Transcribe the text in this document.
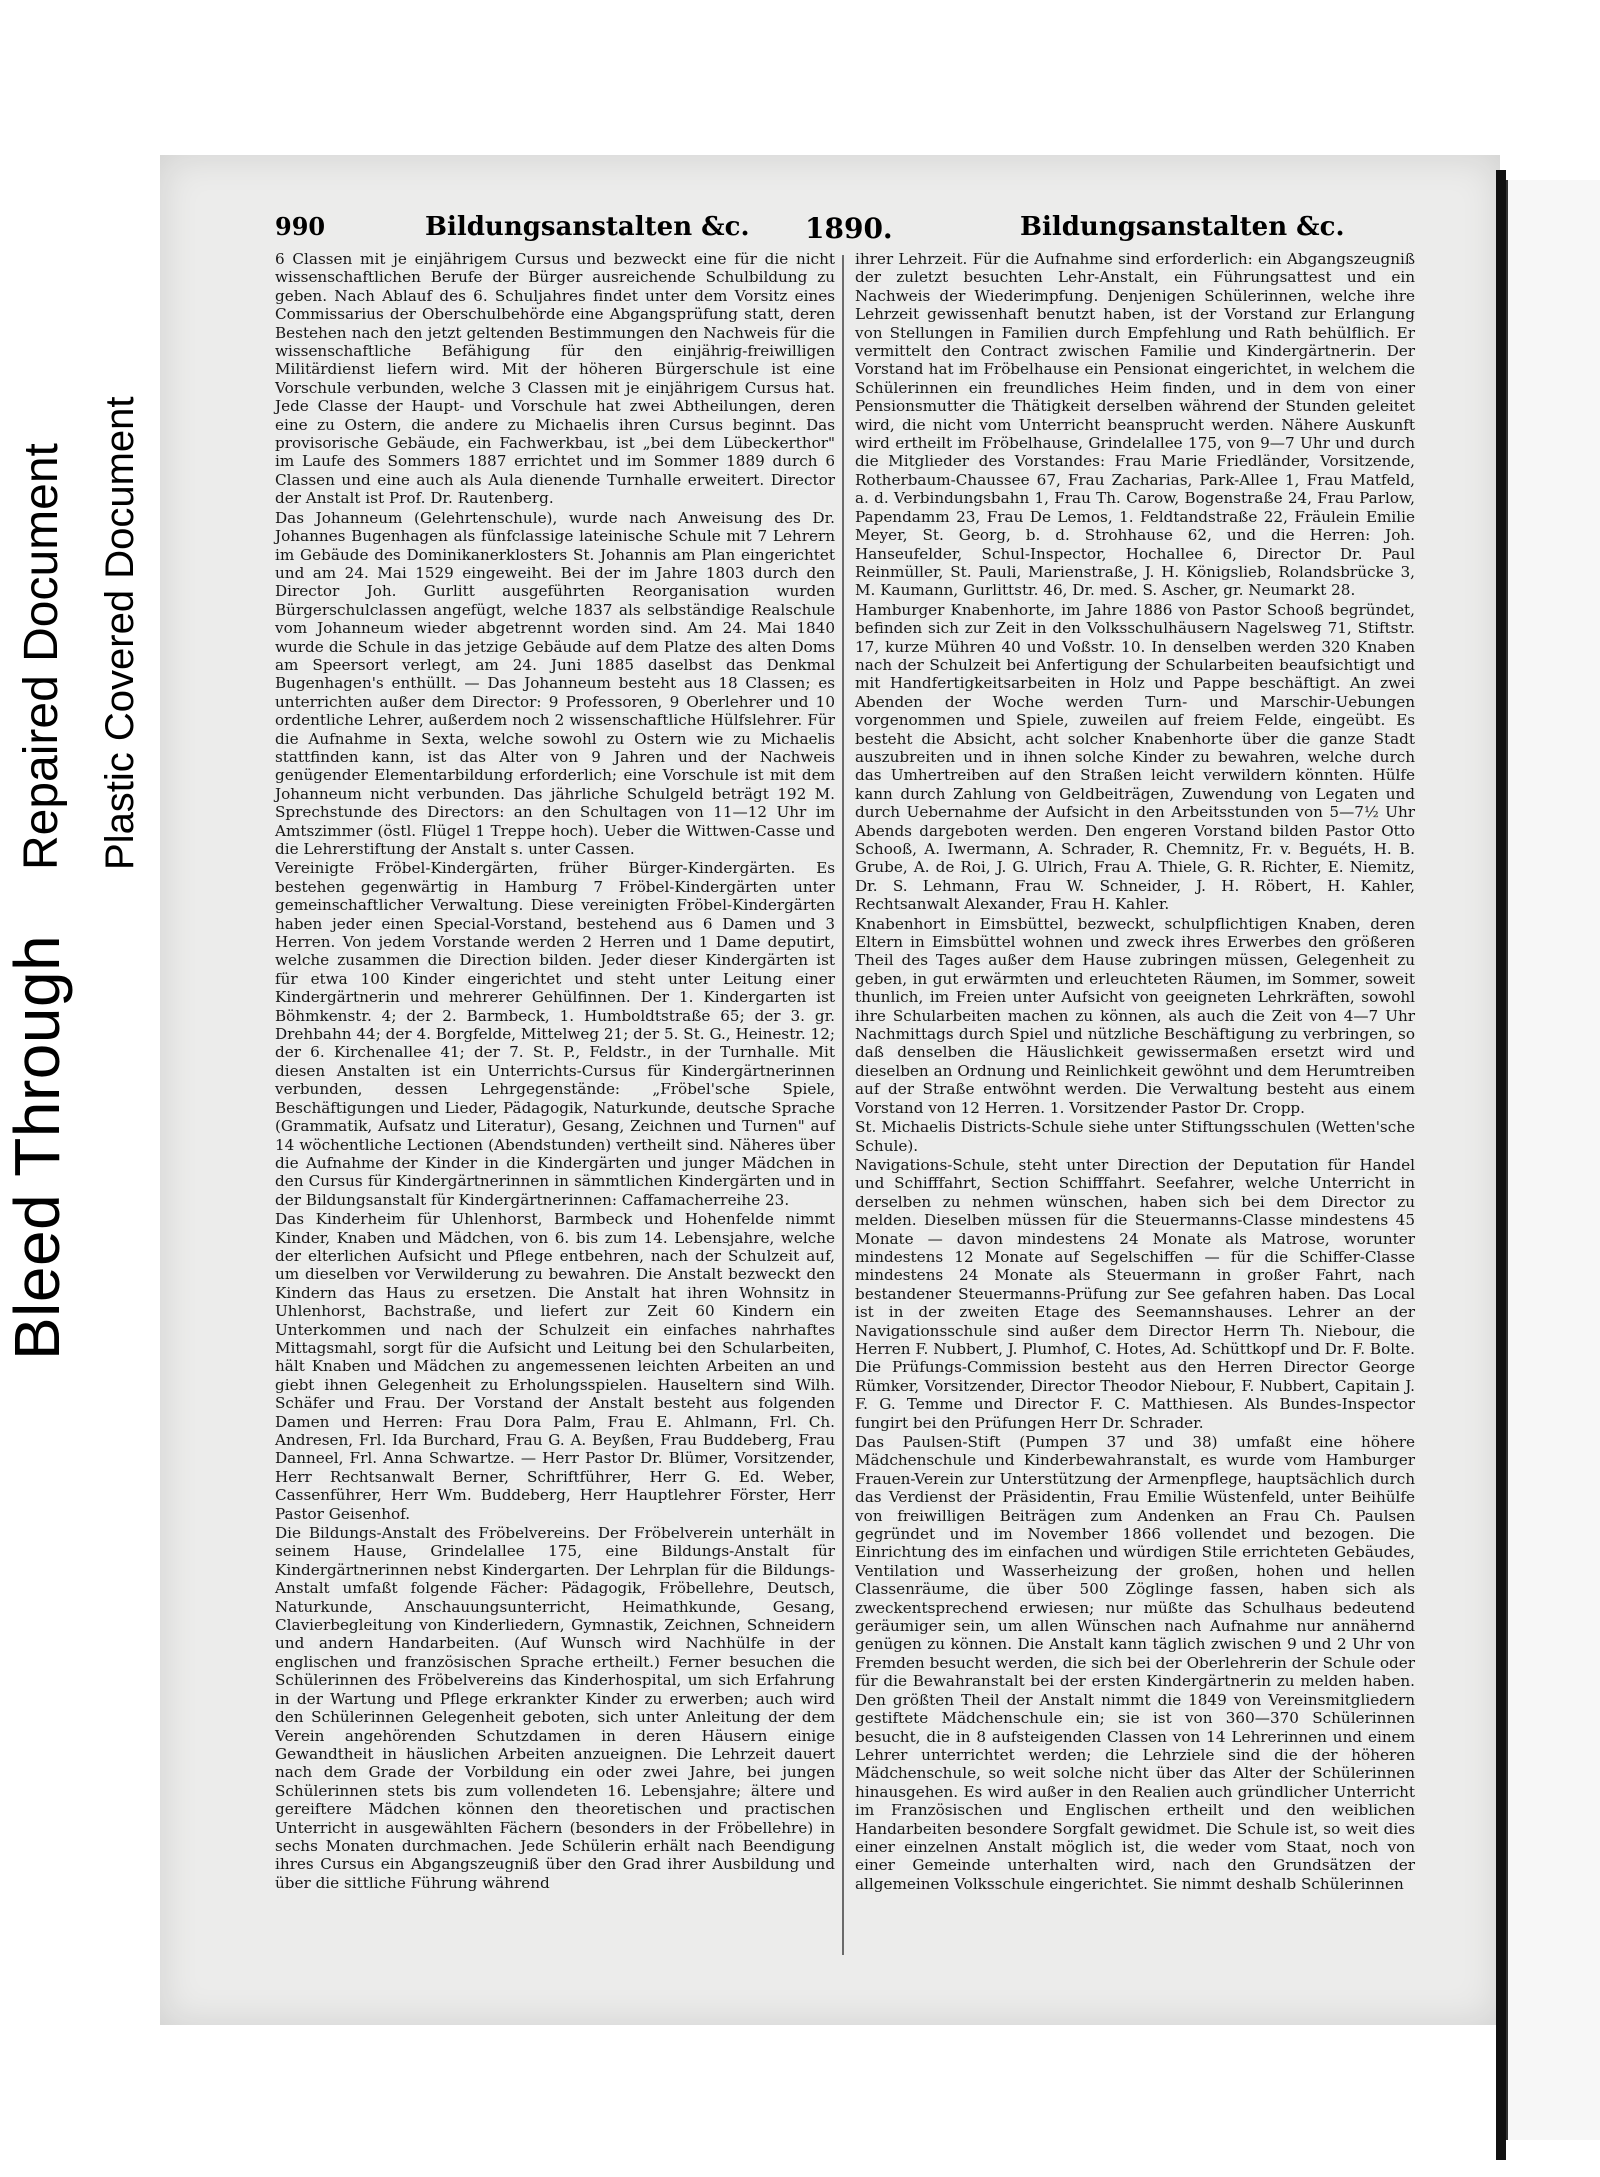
Bleed Through
Repaired Document Plastic Covered Document
990	Bildungsanstalten &c. 1890.	Bildungsanstalten &c.

6 Classen mit je einjährigem Cursus und bezweckt eine für die nicht wissenschaftlichen Berufe der Bürger ausreichende Schulbildung zu geben. Nach Ablauf des 6. Schuljahres findet unter dem Vorsitz eines Commissarius der Oberschulbehörde eine Abgangsprüfung statt, deren Bestehen nach den jetzt geltenden Bestimmungen den Nachweis für die wissenschaftliche Befähigung für den einjährig-freiwilligen Militärdienst liefern wird. Mit der höheren Bürgerschule ist eine Vorschule verbunden, welche 3 Classen mit je einjährigem Cursus hat. Jede Classe der Haupt- und Vorschule hat zwei Abtheilungen, deren eine zu Ostern, die andere zu Michaelis ihren Cursus beginnt. Das provisorische Gebäude, ein Fachwerkbau, ist „bei dem Lübeckerthor" im Laufe des Sommers 1887 errichtet und im Sommer 1889 durch 6 Classen und eine auch als Aula dienende Turnhalle erweitert. Director der Anstalt ist Prof. Dr. Rautenberg.

Das Johanneum (Gelehrtenschule), wurde nach Anweisung des Dr. Johannes Bugenhagen als fünfclassige lateinische Schule mit 7 Lehrern im Gebäude des Dominikanerklosters St. Johannis am Plan eingerichtet und am 24. Mai 1529 eingeweiht. Bei der im Jahre 1803 durch den Director Joh. Gurlitt ausgeführten Reorganisation wurden Bürgerschulclassen angefügt, welche 1837 als selbständige Realschule vom Johanneum wieder abgetrennt worden sind. Am 24. Mai 1840 wurde die Schule in das jetzige Gebäude auf dem Platze des alten Doms am Speersort verlegt, am 24. Juni 1885 daselbst das Denkmal Bugenhagen's enthüllt. — Das Johanneum besteht aus 18 Classen; es unterrichten außer dem Director: 9 Professoren, 9 Oberlehrer und 10 ordentliche Lehrer, außerdem noch 2 wissenschaftliche Hülfslehrer. Für die Aufnahme in Sexta, welche sowohl zu Ostern wie zu Michaelis stattfinden kann, ist das Alter von 9 Jahren und der Nachweis genügender Elementarbildung erforderlich; eine Vorschule ist mit dem Johanneum nicht verbunden. Das jährliche Schulgeld beträgt 192 M. Sprechstunde des Directors: an den Schultagen von 11—12 Uhr im Amtszimmer (östl. Flügel 1 Treppe hoch). Ueber die Wittwen-Casse und die Lehrerstiftung der Anstalt s. unter Cassen.

Vereinigte Fröbel-Kindergärten, früher Bürger-Kindergärten. Es bestehen gegenwärtig in Hamburg 7 Fröbel-Kindergärten unter gemeinschaftlicher Verwaltung. Diese vereinigten Fröbel-Kindergärten haben jeder einen Special-Vorstand, bestehend aus 6 Damen und 3 Herren. Von jedem Vorstande werden 2 Herren und 1 Dame deputirt, welche zusammen die Direction bilden. Jeder dieser Kindergärten ist für etwa 100 Kinder eingerichtet und steht unter Leitung einer Kindergärtnerin und mehrerer Gehülfinnen. Der 1. Kindergarten ist Böhmkenstr. 4; der 2. Barmbeck, 1. Humboldtstraße 65; der 3. gr. Drehbahn 44; der 4. Borgfelde, Mittelweg 21; der 5. St. G., Heinestr. 12; der 6. Kirchenallee 41; der 7. St. P., Feldstr., in der Turnhalle. Mit diesen Anstalten ist ein Unterrichts-Cursus für Kindergärtnerinnen verbunden, dessen Lehrgegenstände: „Fröbel'sche Spiele, Beschäftigungen und Lieder, Pädagogik, Naturkunde, deutsche Sprache (Grammatik, Aufsatz und Literatur), Gesang, Zeichnen und Turnen" auf 14 wöchentliche Lectionen (Abendstunden) vertheilt sind. Näheres über die Aufnahme der Kinder in die Kindergärten und junger Mädchen in den Cursus für Kindergärtnerinnen in sämmtlichen Kindergärten und in der Bildungsanstalt für Kindergärtnerinnen: Caffamacherreihe 23.

Das Kinderheim für Uhlenhorst, Barmbeck und Hohenfelde nimmt Kinder, Knaben und Mädchen, von 6. bis zum 14. Lebensjahre, welche der elterlichen Aufsicht und Pflege entbehren, nach der Schulzeit auf, um dieselben vor Verwilderung zu bewahren. Die Anstalt bezweckt den Kindern das Haus zu ersetzen. Die Anstalt hat ihren Wohnsitz in Uhlenhorst, Bachstraße, und liefert zur Zeit 60 Kindern ein Unterkommen und nach der Schulzeit ein einfaches nahrhaftes Mittagsmahl, sorgt für die Aufsicht und Leitung bei den Schularbeiten, hält Knaben und Mädchen zu angemessenen leichten Arbeiten an und giebt ihnen Gelegenheit zu Erholungsspielen. Hauseltern sind Wilh. Schäfer und Frau. Der Vorstand der Anstalt besteht aus folgenden Damen und Herren: Frau Dora Palm, Frau E. Ahlmann, Frl. Ch. Andresen, Frl. Ida Burchard, Frau G. A. Beyßen, Frau Buddeberg, Frau Danneel, Frl. Anna Schwartze. — Herr Pastor Dr. Blümer, Vorsitzender, Herr Rechtsanwalt Berner, Schriftführer, Herr G. Ed. Weber, Cassenführer, Herr Wm. Buddeberg, Herr Hauptlehrer Förster, Herr Pastor Geisenhof.

Die Bildungs-Anstalt des Fröbelvereins. Der Fröbelverein unterhält in seinem Hause, Grindelallee 175, eine Bildungs-Anstalt für Kindergärtnerinnen nebst Kindergarten. Der Lehrplan für die Bildungs-Anstalt umfaßt folgende Fächer: Pädagogik, Fröbellehre, Deutsch, Naturkunde, Anschauungsunterricht, Heimathkunde, Gesang, Clavierbegleitung von Kinderliedern, Gymnastik, Zeichnen, Schneidern und andern Handarbeiten. (Auf Wunsch wird Nachhülfe in der englischen und französischen Sprache ertheilt.) Ferner besuchen die Schülerinnen des Fröbelvereins das Kinderhospital, um sich Erfahrung in der Wartung und Pflege erkrankter Kinder zu erwerben; auch wird den Schülerinnen Gelegenheit geboten, sich unter Anleitung der dem Verein angehörenden Schutzdamen in deren Häusern einige Gewandtheit in häuslichen Arbeiten anzueignen. Die Lehrzeit dauert nach dem Grade der Vorbildung ein oder zwei Jahre, bei jungen Schülerinnen stets bis zum vollendeten 16. Lebensjahre; ältere und gereiftere Mädchen können den theoretischen und practischen Unterricht in ausgewählten Fächern (besonders in der Fröbellehre) in sechs Monaten durchmachen. Jede Schülerin erhält nach Beendigung ihres Cursus ein Abgangszeugniß über den Grad ihrer Ausbildung und über die sittliche Führung während

ihrer Lehrzeit. Für die Aufnahme sind erforderlich: ein Abgangszeugniß der zuletzt besuchten Lehr-Anstalt, ein Führungsattest und ein Nachweis der Wiederimpfung. Denjenigen Schülerinnen, welche ihre Lehrzeit gewissenhaft benutzt haben, ist der Vorstand zur Erlangung von Stellungen in Familien durch Empfehlung und Rath behülflich. Er vermittelt den Contract zwischen Familie und Kindergärtnerin. Der Vorstand hat im Fröbelhause ein Pensionat eingerichtet, in welchem die Schülerinnen ein freundliches Heim finden, und in dem von einer Pensionsmutter die Thätigkeit derselben während der Stunden geleitet wird, die nicht vom Unterricht beansprucht werden. Nähere Auskunft wird ertheilt im Fröbelhause, Grindelallee 175, von 9—7 Uhr und durch die Mitglieder des Vorstandes: Frau Marie Friedländer, Vorsitzende, Rotherbaum-Chaussee 67, Frau Zacharias, Park-Allee 1, Frau Matfeld, a. d. Verbindungsbahn 1, Frau Th. Carow, Bogenstraße 24, Frau Parlow, Papendamm 23, Frau De Lemos, 1. Feldtandstraße 22, Fräulein Emilie Meyer, St. Georg, b. d. Strohhause 62, und die Herren: Joh. Hanseufelder, Schul-Inspector, Hochallee 6, Director Dr. Paul Reinmüller, St. Pauli, Marienstraße, J. H. Königslieb, Rolandsbrücke 3, M. Kaumann, Gurlittstr. 46, Dr. med. S. Ascher, gr. Neumarkt 28.

Hamburger Knabenhorte, im Jahre 1886 von Pastor Schooß begründet, befinden sich zur Zeit in den Volksschulhäusern Nagelsweg 71, Stiftstr. 17, kurze Mühren 40 und Voßstr. 10. In denselben werden 320 Knaben nach der Schulzeit bei Anfertigung der Schularbeiten beaufsichtigt und mit Handfertigkeitsarbeiten in Holz und Pappe beschäftigt. An zwei Abenden der Woche werden Turn- und Marschir-Uebungen vorgenommen und Spiele, zuweilen auf freiem Felde, eingeübt. Es besteht die Absicht, acht solcher Knabenhorte über die ganze Stadt auszubreiten und in ihnen solche Kinder zu bewahren, welche durch das Umhertreiben auf den Straßen leicht verwildern könnten. Hülfe kann durch Zahlung von Geldbeiträgen, Zuwendung von Legaten und durch Uebernahme der Aufsicht in den Arbeitsstunden von 5—7½ Uhr Abends dargeboten werden. Den engeren Vorstand bilden Pastor Otto Schooß, A. Iwermann, A. Schrader, R. Chemnitz, Fr. v. Beguéts, H. B. Grube, A. de Roi, J. G. Ulrich, Frau A. Thiele, G. R. Richter, E. Niemitz, Dr. S. Lehmann, Frau W. Schneider, J. H. Röbert, H. Kahler, Rechtsanwalt Alexander, Frau H. Kahler.

Knabenhort in Eimsbüttel, bezweckt, schulpflichtigen Knaben, deren Eltern in Eimsbüttel wohnen und zweck ihres Erwerbes den größeren Theil des Tages außer dem Hause zubringen müssen, Gelegenheit zu geben, in gut erwärmten und erleuchteten Räumen, im Sommer, soweit thunlich, im Freien unter Aufsicht von geeigneten Lehrkräften, sowohl ihre Schularbeiten machen zu können, als auch die Zeit von 4—7 Uhr Nachmittags durch Spiel und nützliche Beschäftigung zu verbringen, so daß denselben die Häuslichkeit gewissermaßen ersetzt wird und dieselben an Ordnung und Reinlichkeit gewöhnt und dem Herumtreiben auf der Straße entwöhnt werden. Die Verwaltung besteht aus einem Vorstand von 12 Herren. 1. Vorsitzender Pastor Dr. Cropp.

St. Michaelis Districts-Schule siehe unter Stiftungsschulen (Wetten'sche Schule).

Navigations-Schule, steht unter Direction der Deputation für Handel und Schifffahrt, Section Schifffahrt. Seefahrer, welche Unterricht in derselben zu nehmen wünschen, haben sich bei dem Director zu melden. Dieselben müssen für die Steuermanns-Classe mindestens 45 Monate — davon mindestens 24 Monate als Matrose, worunter mindestens 12 Monate auf Segelschiffen — für die Schiffer-Classe mindestens 24 Monate als Steuermann in großer Fahrt, nach bestandener Steuermanns-Prüfung zur See gefahren haben. Das Local ist in der zweiten Etage des Seemannshauses. Lehrer an der Navigationsschule sind außer dem Director Herrn Th. Niebour, die Herren F. Nubbert, J. Plumhof, C. Hotes, Ad. Schüttkopf und Dr. F. Bolte. Die Prüfungs-Commission besteht aus den Herren Director George Rümker, Vorsitzender, Director Theodor Niebour, F. Nubbert, Capitain J. F. G. Temme und Director F. C. Matthiesen. Als Bundes-Inspector fungirt bei den Prüfungen Herr Dr. Schrader.

Das Paulsen-Stift (Pumpen 37 und 38) umfaßt eine höhere Mädchenschule und Kinderbewahranstalt, es wurde vom Hamburger Frauen-Verein zur Unterstützung der Armenpflege, hauptsächlich durch das Verdienst der Präsidentin, Frau Emilie Wüstenfeld, unter Beihülfe von freiwilligen Beiträgen zum Andenken an Frau Ch. Paulsen gegründet und im November 1866 vollendet und bezogen. Die Einrichtung des im einfachen und würdigen Stile errichteten Gebäudes, Ventilation und Wasserheizung der großen, hohen und hellen Classenräume, die über 500 Zöglinge fassen, haben sich als zweckentsprechend erwiesen; nur müßte das Schulhaus bedeutend geräumiger sein, um allen Wünschen nach Aufnahme nur annähernd genügen zu können. Die Anstalt kann täglich zwischen 9 und 2 Uhr von Fremden besucht werden, die sich bei der Oberlehrerin der Schule oder für die Bewahranstalt bei der ersten Kindergärtnerin zu melden haben. Den größten Theil der Anstalt nimmt die 1849 von Vereinsmitgliedern gestiftete Mädchenschule ein; sie ist von 360—370 Schülerinnen besucht, die in 8 aufsteigenden Classen von 14 Lehrerinnen und einem Lehrer unterrichtet werden; die Lehrziele sind die der höheren Mädchenschule, so weit solche nicht über das Alter der Schülerinnen hinausgehen. Es wird außer in den Realien auch gründlicher Unterricht im Französischen und Englischen ertheilt und den weiblichen Handarbeiten besondere Sorgfalt gewidmet. Die Schule ist, so weit dies einer einzelnen Anstalt möglich ist, die weder vom Staat, noch von einer Gemeinde unterhalten wird, nach den Grundsätzen der allgemeinen Volksschule eingerichtet. Sie nimmt deshalb Schülerinnen
